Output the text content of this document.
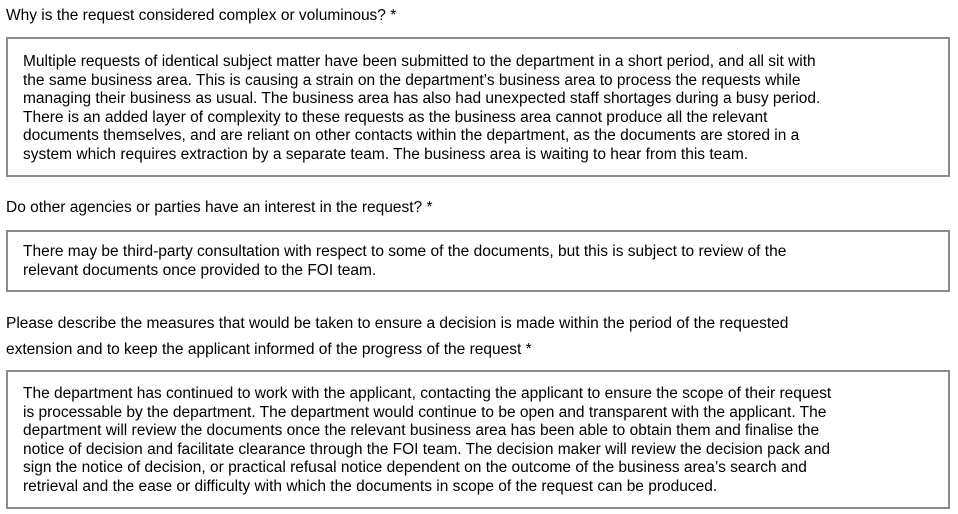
Why is the request considered complex or voluminous? *
Multiple requests of identical subject matter have been submitted to the department in a short period, and all sit with
the same business area. This is causing a strain on the department’s business area to process the requests while
managing their business as usual. The business area has also had unexpected staff shortages during a busy period.
There is an added layer of complexity to these requests as the business area cannot produce all the relevant
documents themselves, and are reliant on other contacts within the department, as the documents are stored in a
system which requires extraction by a separate team. The business area is waiting to hear from this team.
Do other agencies or parties have an interest in the request? *
There may be third-party consultation with respect to some of the documents, but this is subject to review of the
relevant documents once provided to the FOI team.
Please describe the measures that would be taken to ensure a decision is made within the period of the requested
extension and to keep the applicant informed of the progress of the request *
The department has continued to work with the applicant, contacting the applicant to ensure the scope of their request
is processable by the department. The department would continue to be open and transparent with the applicant. The
department will review the documents once the relevant business area has been able to obtain them and finalise the
notice of decision and facilitate clearance through the FOI team. The decision maker will review the decision pack and
sign the notice of decision, or practical refusal notice dependent on the outcome of the business area’s search and
retrieval and the ease or difficulty with which the documents in scope of the request can be produced.
